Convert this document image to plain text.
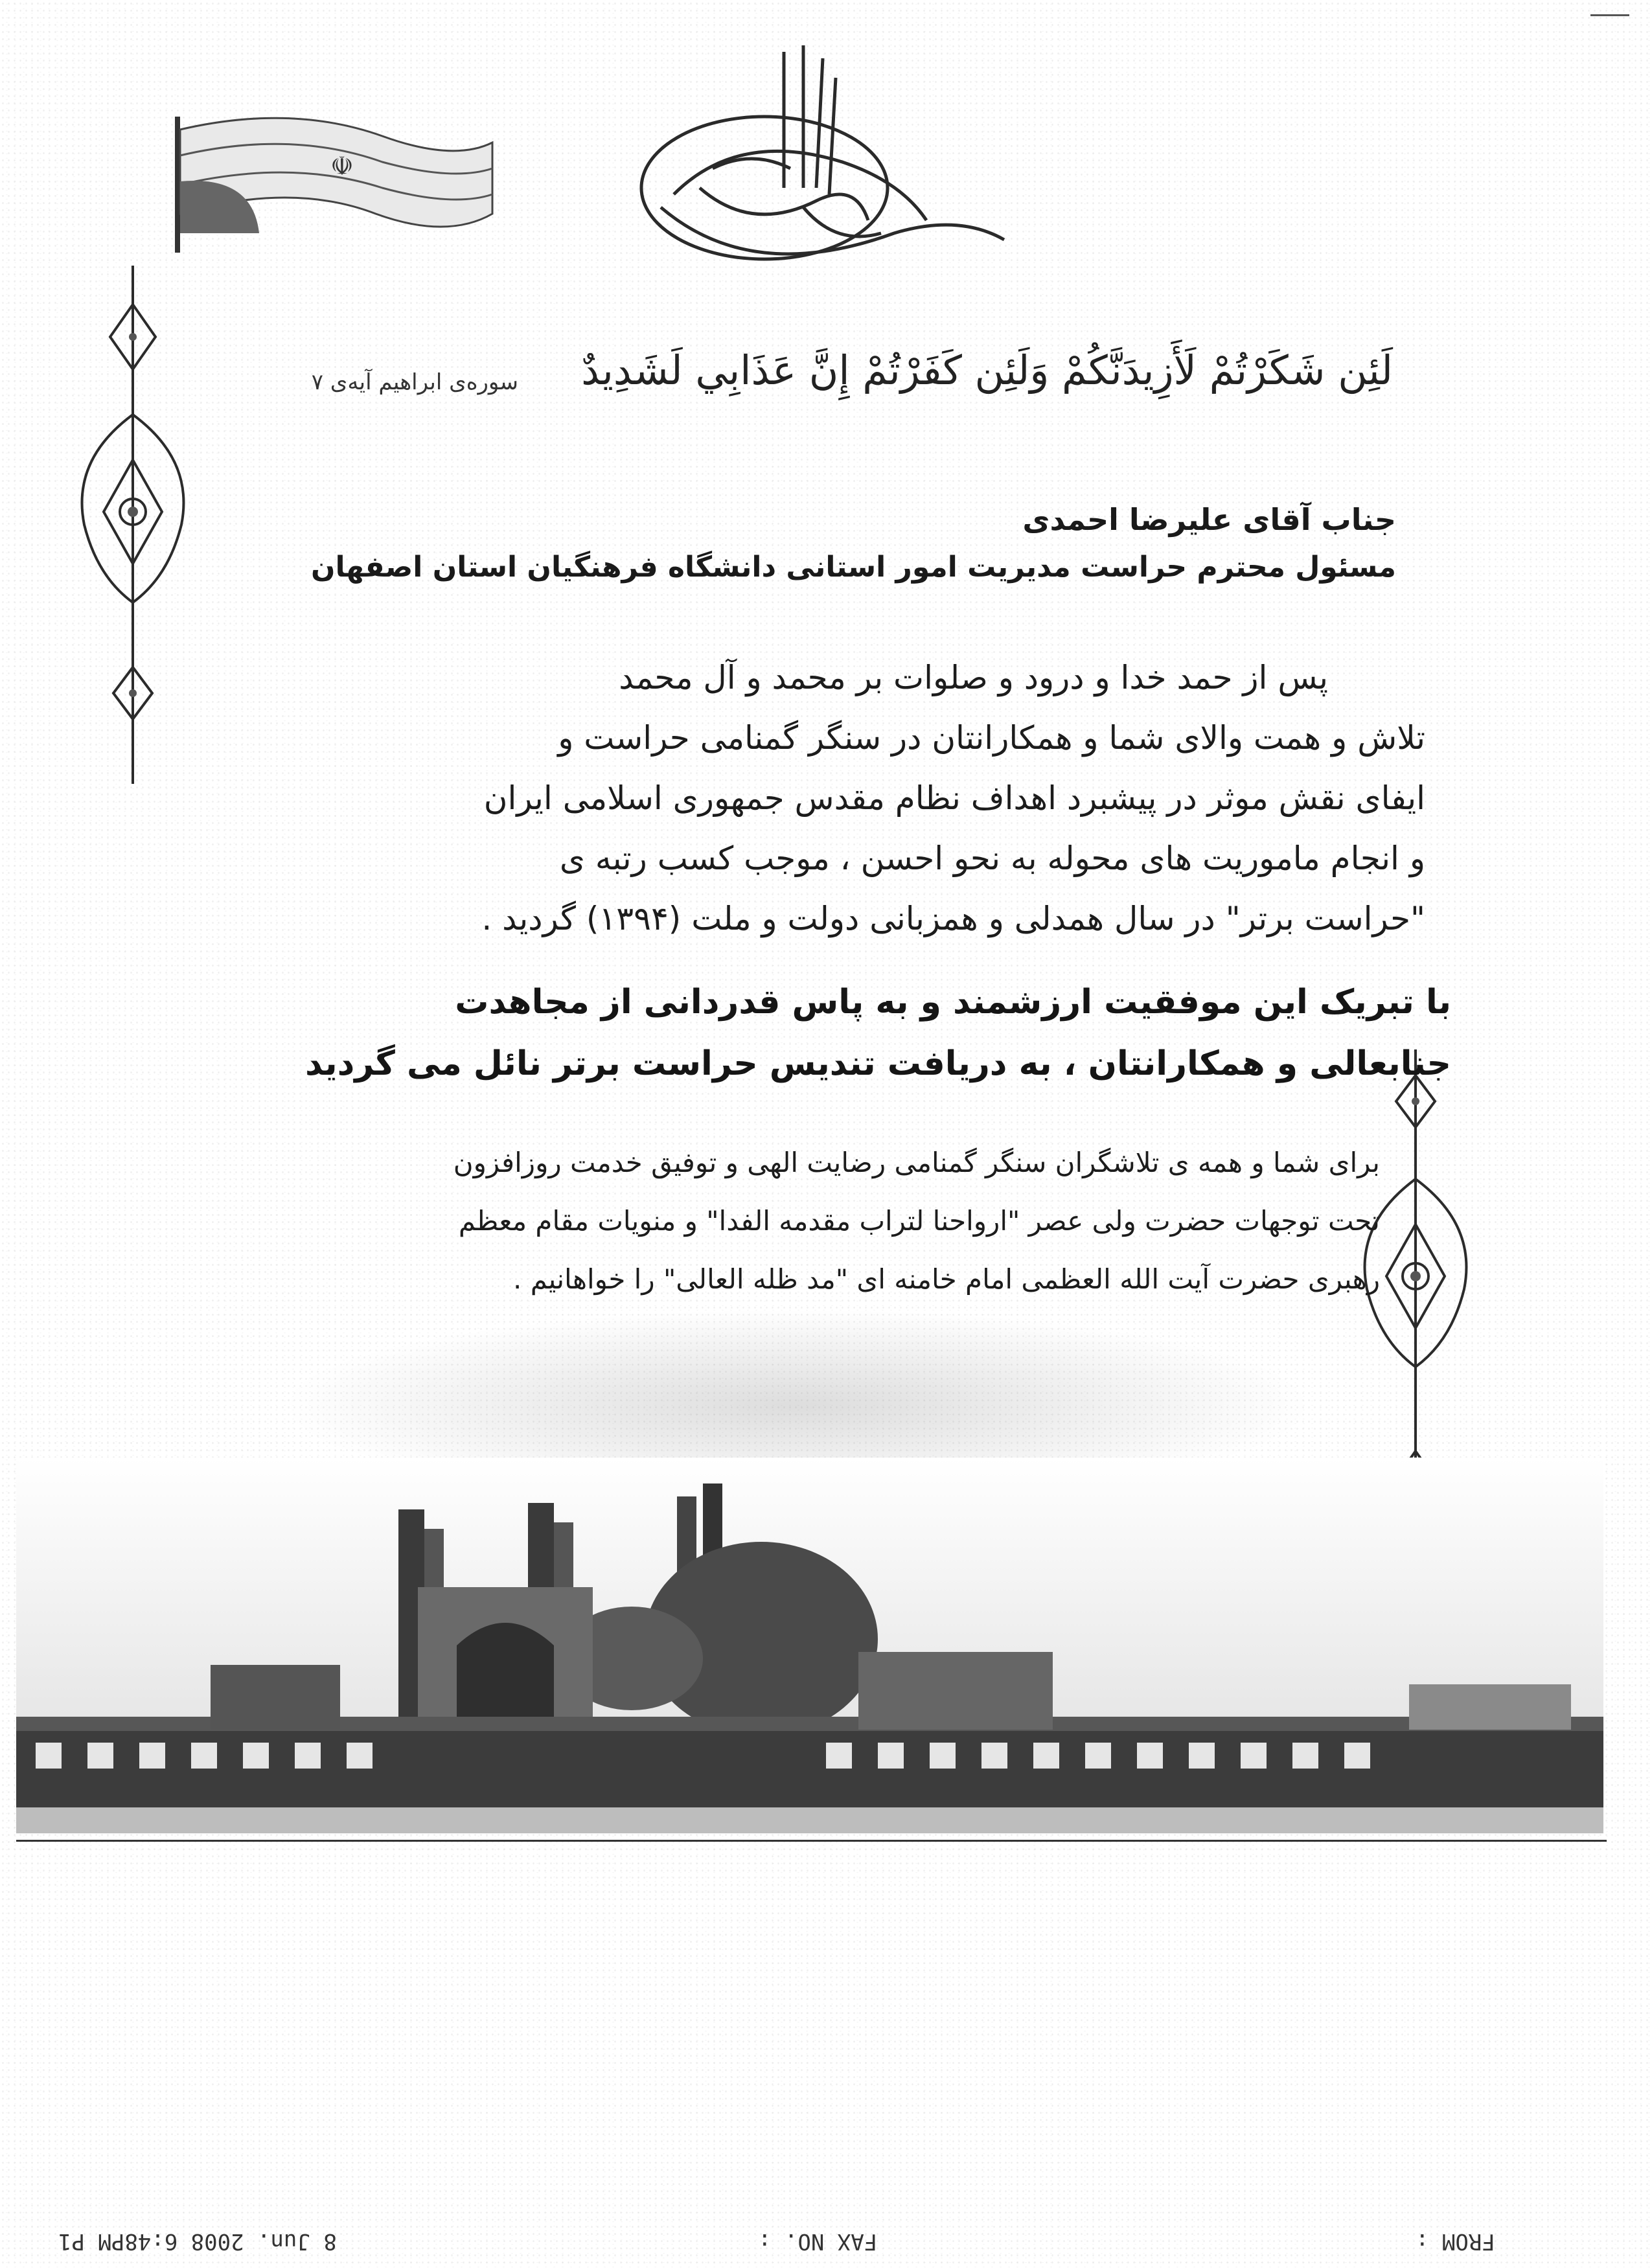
☫
لَئِن شَكَرْتُمْ لَأَزِيدَنَّكُمْ وَلَئِن كَفَرْتُمْ إِنَّ عَذَابِي لَشَدِيدٌ
سوره‌ی ابراهیم آیه‌ی ۷
جناب آقای علیرضا احمدی
مسئول محترم حراست مدیریت امور استانی دانشگاه فرهنگیان استان اصفهان
پس از حمد خدا و درود و صلوات بر محمد و آل محمد
تلاش و همت والای شما و همکارانتان در سنگر گمنامی حراست و
ایفای نقش موثر در پیشبرد اهداف نظام مقدس جمهوری اسلامی ایران
و انجام ماموریت های محوله به نحو احسن ، موجب کسب رتبه ی
"حراست برتر" در سال همدلی و همزبانی دولت و ملت (۱۳۹۴) گردید .
با تبریک این موفقیت ارزشمند و به پاس قدردانی از مجاهدت
جنابعالی و همکارانتان ، به دریافت تندیس حراست برتر نائل می گردید
برای شما و همه ی تلاشگران سنگر گمنامی رضایت الهی و توفیق خدمت روزافزون
تحت توجهات حضرت ولی عصر "ارواحنا لتراب مقدمه الفدا" و منویات مقام معظم
رهبری حضرت آیت الله العظمی امام خامنه ای "مد ظله العالی" را خواهانیم .
FROM :
FAX NO. :
8 Jun. 2008 6:48PM P1
